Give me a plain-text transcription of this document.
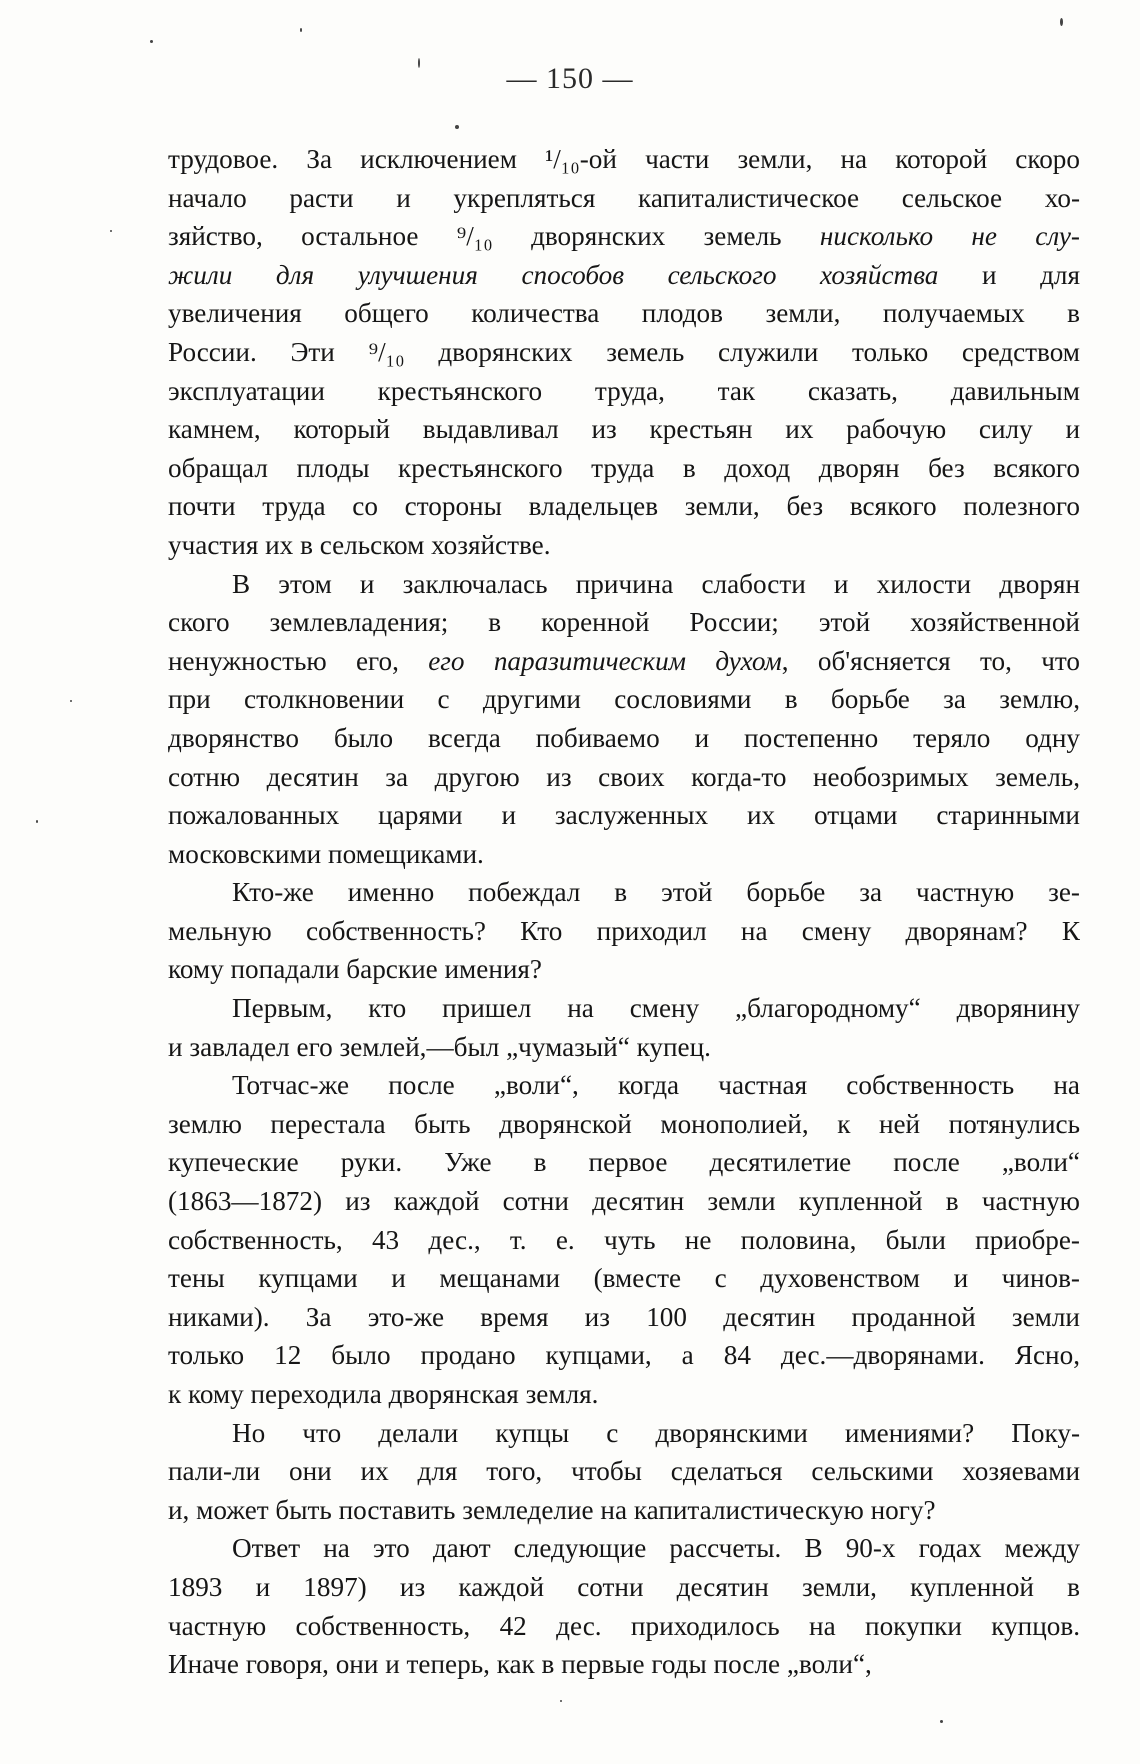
— 150 —
трудовое. За исключением ¹/₁₀-ой части земли, на которой скоро
начало расти и укрепляться капиталистическое сельское хо-
зяйство, остальное ⁹/₁₀ дворянских земель нисколько не слу-
жили для улучшения способов сельского хозяйства и для
увеличения общего количества плодов земли, получаемых в
России. Эти ⁹/₁₀ дворянских земель служили только средством
эксплуатации крестьянского труда, так сказать, давильным
камнем, который выдавливал из крестьян их рабочую силу и
обращал плоды крестьянского труда в доход дворян без всякого
почти труда со стороны владельцев земли, без всякого полезного
участия их в сельском хозяйстве.
В этом и заключалась причина слабости и хилости дворян
ского землевладения; в коренной России; этой хозяйственной
ненужностью его, его паразитическим духом, об'ясняется то, что
при столкновении с другими сословиями в борьбе за землю,
дворянство было всегда побиваемо и постепенно теряло одну
сотню десятин за другою из своих когда-то необозримых земель,
пожалованных царями и заслуженных их отцами старинными
московскими помещиками.
Кто-же именно побеждал в этой борьбе за частную зе-
мельную собственность? Кто приходил на смену дворянам? К
кому попадали барские имения?
Первым, кто пришел на смену „благородному“ дворянину
и завладел его землей,—был „чумазый“ купец.
Тотчас-же после „воли“, когда частная собственность на
землю перестала быть дворянской монополией, к ней потянулись
купеческие руки. Уже в первое десятилетие после „воли“
(1863—1872) из каждой сотни десятин земли купленной в частную
собственность, 43 дес., т. е. чуть не половина, были приобре-
тены купцами и мещанами (вместе с духовенством и чинов-
никами). За это-же время из 100 десятин проданной земли
только 12 было продано купцами, а 84 дес.—дворянами. Ясно,
к кому переходила дворянская земля.
Но что делали купцы с дворянскими имениями? Поку-
пали-ли они их для того, чтобы сделаться сельскими хозяевами
и, может быть поставить земледелие на капиталистическую ногу?
Ответ на это дают следующие рассчеты. В 90-х годах между
1893 и 1897) из каждой сотни десятин земли, купленной в
частную собственность, 42 дес. приходилось на покупки купцов.
Иначе говоря, они и теперь, как в первые годы после „воли“,
